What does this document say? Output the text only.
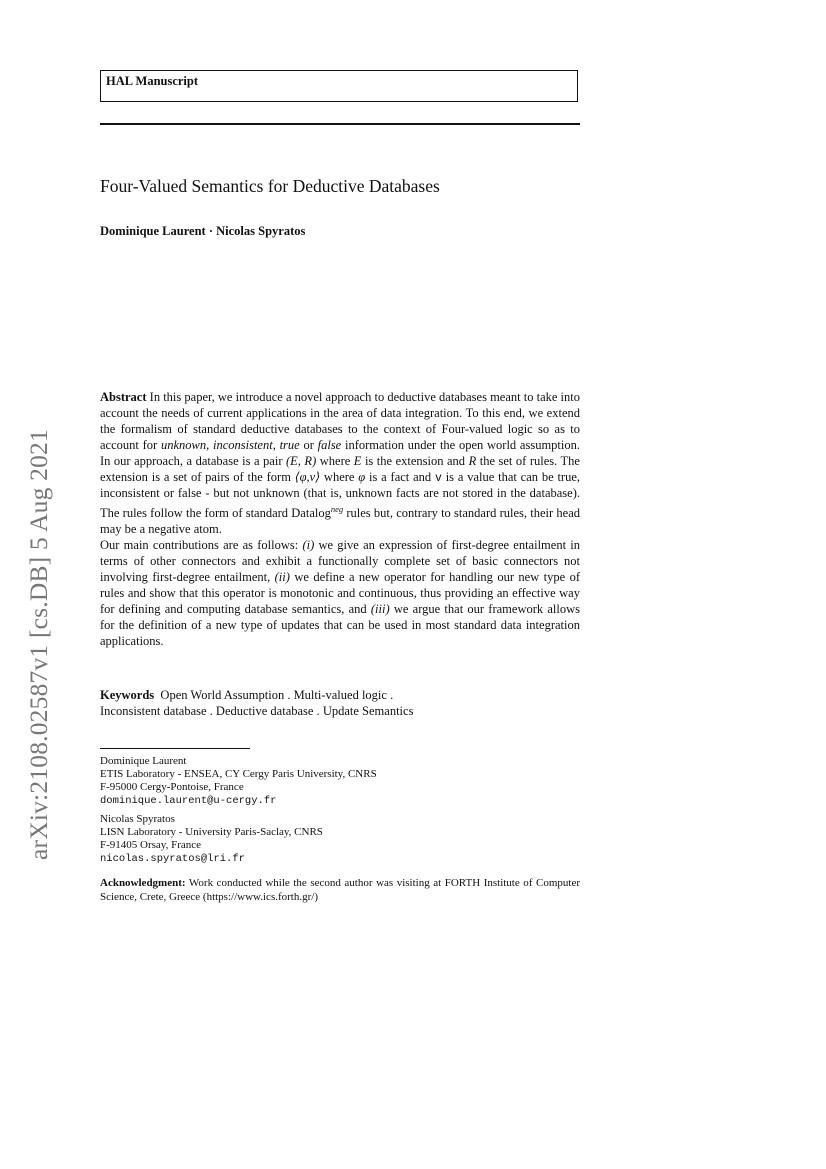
HAL Manuscript
Four-Valued Semantics for Deductive Databases
Dominique Laurent · Nicolas Spyratos
arXiv:2108.02587v1 [cs.DB] 5 Aug 2021

Abstract In this paper, we introduce a novel approach to deductive databases meant to take into account the needs of current applications in the area of data integration. To this end, we extend the formalism of standard deductive databases to the context of Four-valued logic so as to account for unknown, inconsistent, true or false information under the open world assumption. In our approach, a database is a pair (E, R) where E is the extension and R the set of rules. The extension is a set of pairs of the form ⟨φ,v⟩ where φ is a fact and v is a value that can be true, inconsistent or false - but not unknown (that is, unknown facts are not stored in the database). The rules follow the form of standard Datalog$^{neg}$ rules but, contrary to standard rules, their head may be a negative atom.

Our main contributions are as follows: (i) we give an expression of first-degree entailment in terms of other connectors and exhibit a functionally complete set of basic connectors not involving first-degree entailment, (ii) we define a new operator for handling our new type of rules and show that this operator is monotonic and continuous, thus providing an effective way for defining and computing database semantics, and (iii) we argue that our framework allows for the definition of a new type of updates that can be used in most standard data integration applications.

Keywords Open World Assumption . Multi-valued logic .
Inconsistent database . Deductive database . Update Semantics
Dominique Laurent
ETIS Laboratory - ENSEA, CY Cergy Paris University, CNRS
F-95000 Cergy-Pontoise, France
dominique.laurent@u-cergy.fr
Nicolas Spyratos
LISN Laboratory - University Paris-Saclay, CNRS
F-91405 Orsay, France
nicolas.spyratos@lri.fr
Acknowledgment: Work conducted while the second author was visiting at FORTH Institute of Computer Science, Crete, Greece (https://www.ics.forth.gr/)
